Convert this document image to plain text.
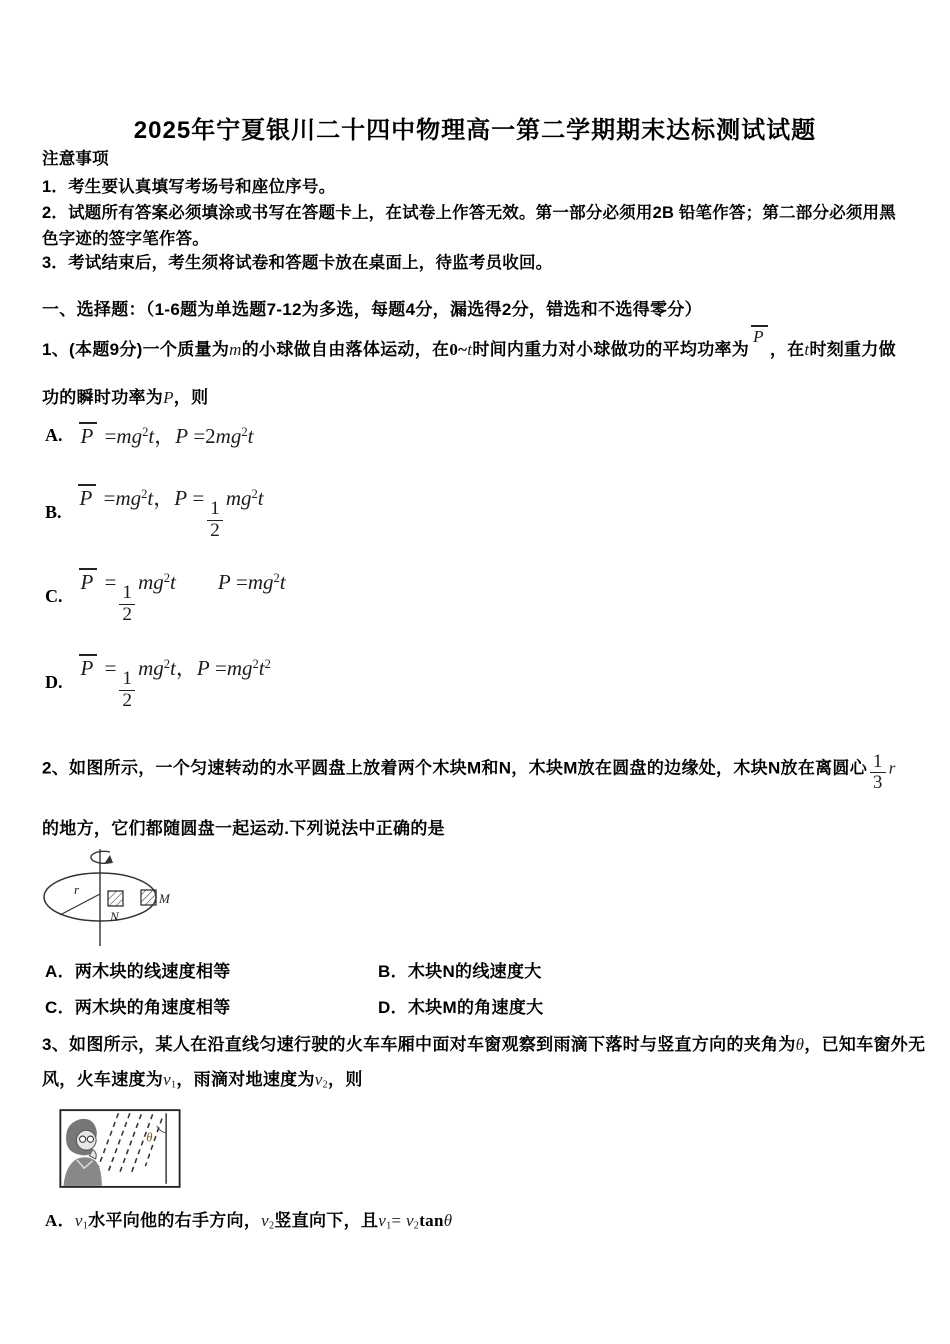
2025年宁夏银川二十四中物理高一第二学期期末达标测试试题
注意事项
1．考生要认真填写考场号和座位序号。
2．试题所有答案必须填涂或书写在答题卡上，在试卷上作答无效。第一部分必须用2B 铅笔作答；第二部分必须用黑
色字迹的签字笔作答。
3．考试结束后，考生须将试卷和答题卡放在桌面上，待监考员收回。
一、选择题：（1-6题为单选题7-12为多选，每题4分，漏选得2分，错选和不选得零分）
1、(本题9分)一个质量为m的小球做自由落体运动，在0~t时间内重力对小球做功的平均功率为P，在t时刻重力做
功的瞬时功率为P，则
A. $P =mg^2t$，$P =2mg^2t$
B.
$P =mg^2t$，P =
$\frac{1}{2}$
$mg^2t$
C.
P =
$\frac{1}{2}$
$mg^2t$　　 $P =mg^2t$
D.
P =
$\frac{1}{2}$
$mg^2t$，$P =mg^2t^2$
2、如图所示，一个匀速转动的水平圆盘上放着两个木块M和N，木块M放在圆盘的边缘处，木块N放在离圆心 $\frac{1}{3}$ r
的地方，它们都随圆盘一起运动.下列说法中正确的是
r
N
M
A．两木块的线速度相等	B．木块N的线速度大
C．两木块的角速度相等	D．木块M的角速度大
3、如图所示，某人在沿直线匀速行驶的火车车厢中面对车窗观察到雨滴下落时与竖直方向的夹角为θ，已知车窗外无
风，火车速度为$v_1$，雨滴对地速度为$v_2$，则
θ
A．$v_1$水平向他的右手方向，$v_2$竖直向下，且$v_1= v_2\tan\theta$
